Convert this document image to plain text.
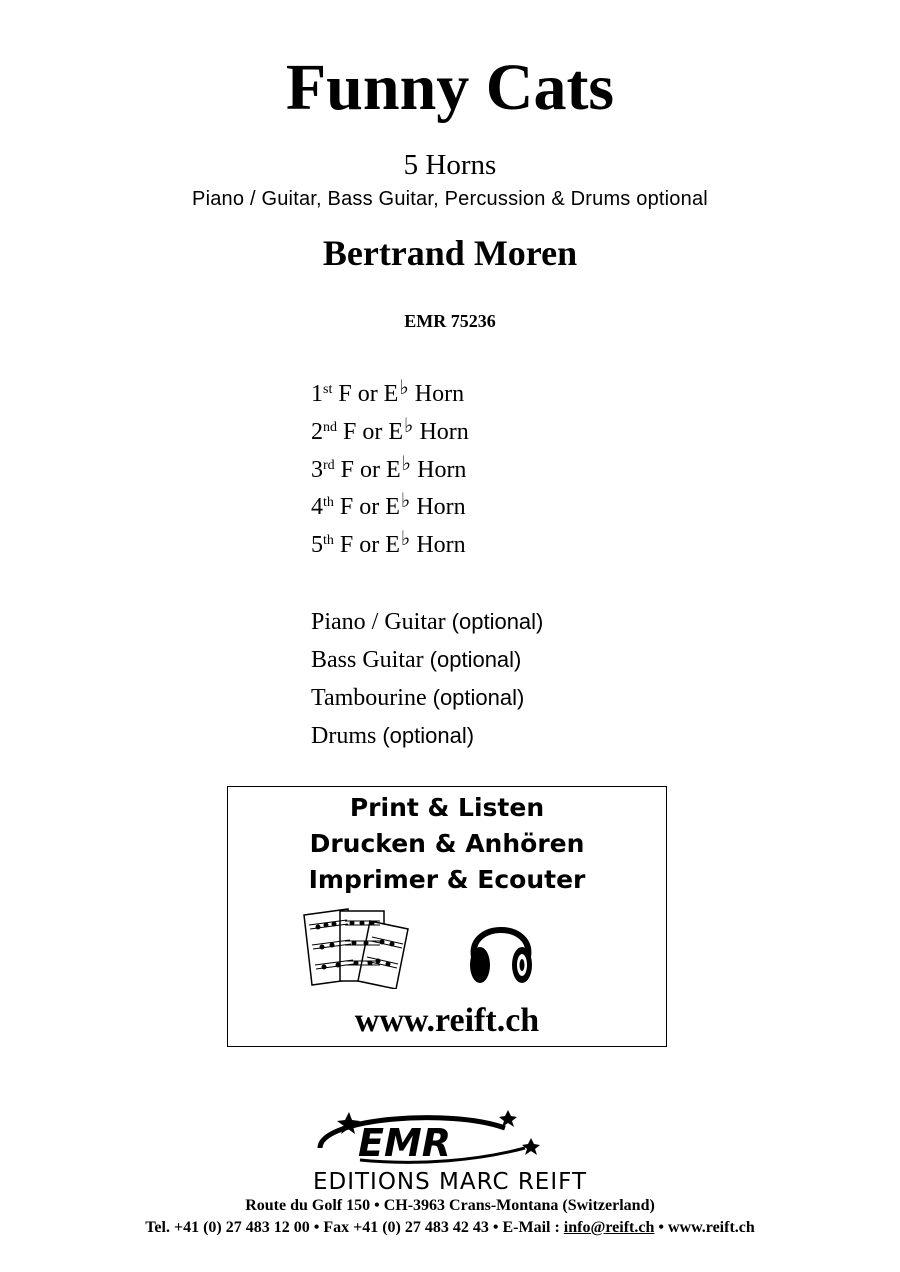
Funny Cats
5 Horns
Piano / Guitar, Bass Guitar, Percussion & Drums optional
Bertrand Moren
EMR 75236
1st F or E♭ Horn
2nd F or E♭ Horn
3rd F or E♭ Horn
4th F or E♭ Horn
5th F or E♭ Horn
Piano / Guitar (optional)
Bass Guitar (optional)
Tambourine (optional)
Drums (optional)
Print & Listen
Drucken & Anhören
Imprimer & Ecouter
www.reift.ch
EMR
EDITIONS MARC REIFT
Route du Golf 150 • CH-3963 Crans-Montana (Switzerland)
Tel. +41 (0) 27 483 12 00 • Fax +41 (0) 27 483 42 43 • E-Mail : info@reift.ch • www.reift.ch
